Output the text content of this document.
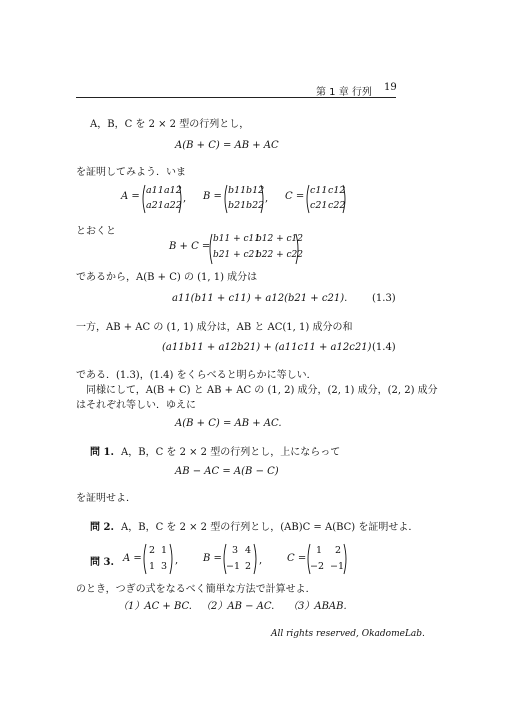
第 1 章 行列 19
A，B，C を 2 × 2 型の行列とし，
A(B + C) = AB + AC
を証明してみよう．いま
A =
a11 a12
a21 a22
, B =
b11 b12
b21 b22
, C =
c11 c12
c21 c22
とおくと
B + C =
b11 + c11
b12 + c12
b21 + c21
b22 + c22
であるから，A(B + C) の (1, 1) 成分は
a11(b11 + c11) + a12(b21 + c21). (1.3)
一方，AB + AC の (1, 1) 成分は，AB と AC(1, 1) 成分の和
(a11b11 + a12b21) + (a11c11 + a12c21) (1.4)
である．(1.3)，(1.4) をくらべると明らかに等しい．
同様にして，A(B + C) と AB + AC の (1, 2) 成分，(2, 1) 成分，(2, 2) 成分
はそれぞれ等しい．ゆえに
A(B + C) = AB + AC.
問 1. A，B，C を 2 × 2 型の行列とし，上にならって
AB − AC = A(B − C)
を証明せよ．
問 2. A，B，C を 2 × 2 型の行列とし，(AB)C = A(BC) を証明せよ．
問 3. A =
2 1
1 3
, B =
3 4
−1 2
, C =
1 2
−2 −1
のとき，つぎの式をなるべく簡単な方法で計算せよ．
（1）AC + BC. （2）AB − AC. （3）ABAB.
All rights reserved, OkadomeLab.
